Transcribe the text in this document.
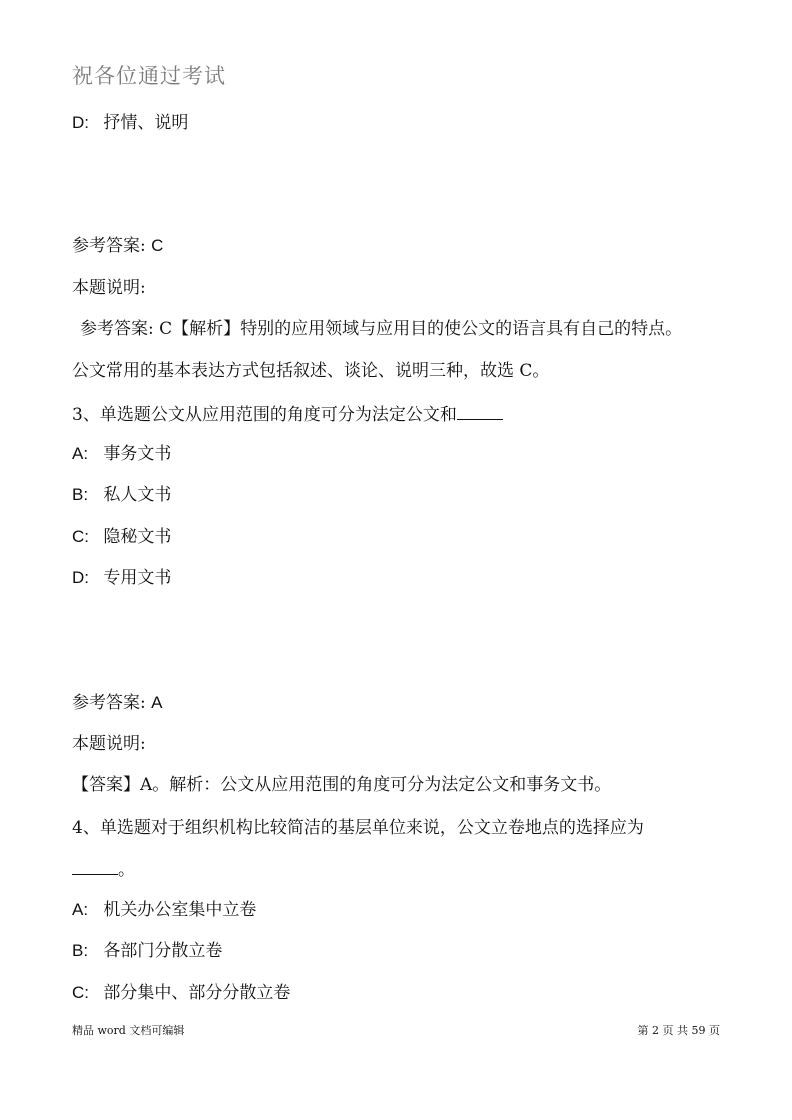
祝各位通过考试
D: 抒情、说明
参考答案: C
本题说明:
参考答案: C【解析】特别的应用领域与应用目的使公文的语言具有自己的特点。
公文常用的基本表达方式包括叙述、谈论、说明三种，故选 C。
3、单选题公文从应用范围的角度可分为法定公文和
A: 事务文书
B: 私人文书
C: 隐秘文书
D: 专用文书
参考答案: A
本题说明:
【答案】A。解析：公文从应用范围的角度可分为法定公文和事务文书。
4、单选题对于组织机构比较简洁的基层单位来说，公文立卷地点的选择应为
。
A: 机关办公室集中立卷
B: 各部门分散立卷
C: 部分集中、部分分散立卷
精品 word 文档可编辑	第 2 页 共 59 页
